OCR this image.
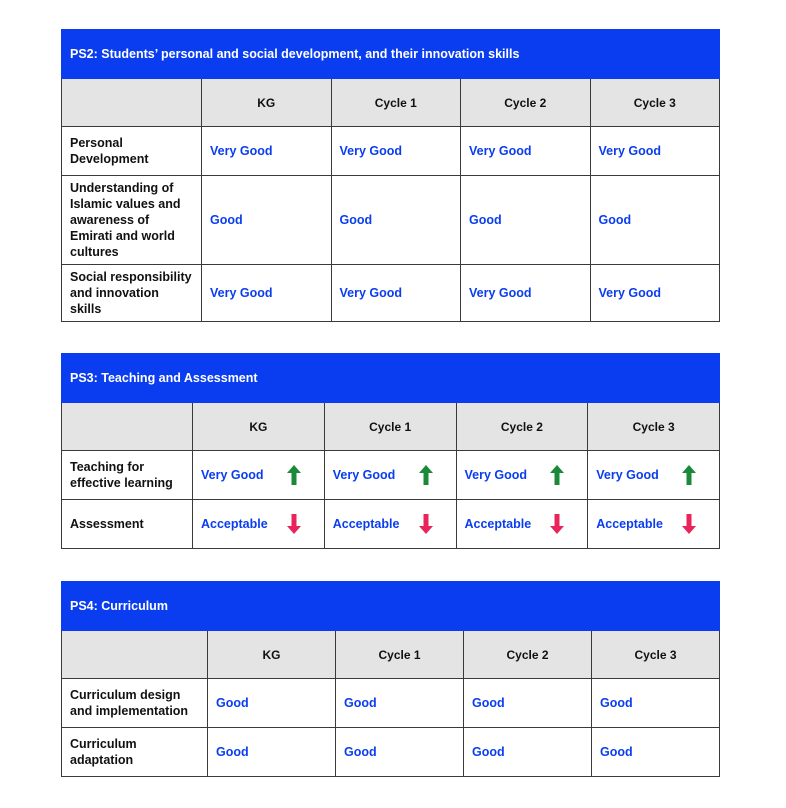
PS2: Students’ personal and social development, and their innovation skills				
	KG	Cycle 1	Cycle 2	Cycle 3
Personal Development	Very Good	Very Good	Very Good	Very Good
Understanding of Islamic values and awareness of Emirati and world cultures	Good	Good	Good	Good
Social responsibility and innovation skills	Very Good	Very Good	Very Good	Very Good
PS3: Teaching and Assessment				
	KG	Cycle 1	Cycle 2	Cycle 3
Teaching for effective learning	Very Good	Very Good	Very Good	Very Good

Assessment	Acceptable	Acceptable	Acceptable	Acceptable
PS4: Curriculum				
	KG	Cycle 1	Cycle 2	Cycle 3
Curriculum design and implementation	Good	Good	Good	Good
Curriculum adaptation	Good	Good	Good	Good
